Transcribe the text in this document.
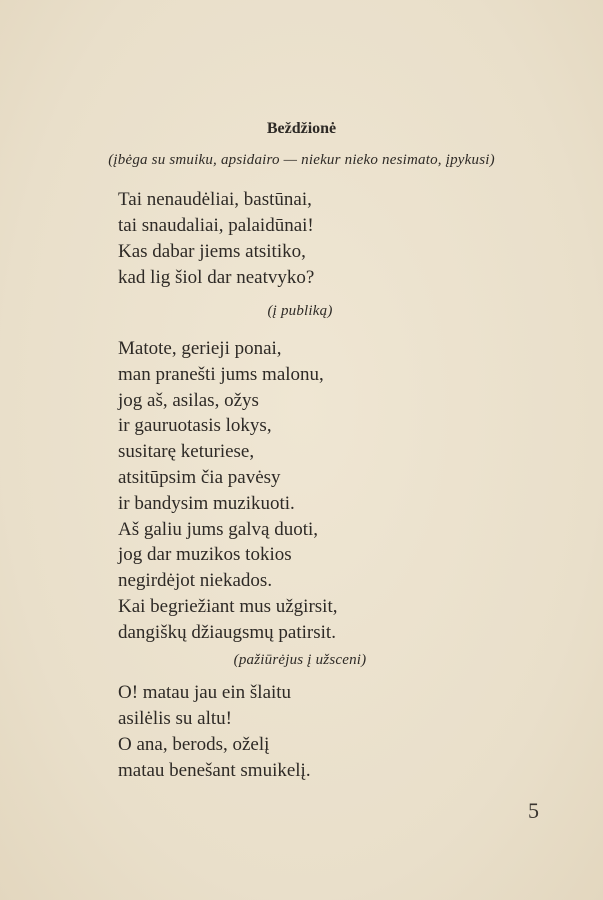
Beždžionė
(įbėga su smuiku, apsidairo — niekur nieko nesimato, įpykusi)
Tai nenaudėliai, bastūnai,
tai snaudaliai, palaidūnai!
Kas dabar jiems atsitiko,
kad lig šiol dar neatvyko?
(į publiką)
Matote, gerieji ponai,
man pranešti jums malonu,
jog aš, asilas, ožys
ir gauruotasis lokys,
susitarę keturiese,
atsitūpsim čia pavėsy
ir bandysim muzikuoti.
Aš galiu jums galvą duoti,
jog dar muzikos tokios
negirdėjot niekados.
Kai begriežiant mus užgirsit,
dangiškų džiaugsmų patirsit.
(pažiūrėjus į užsceni)
O! matau jau ein šlaitu
asilėlis su altu!
O ana, berods, oželį
matau benešant smuikelį.
5
